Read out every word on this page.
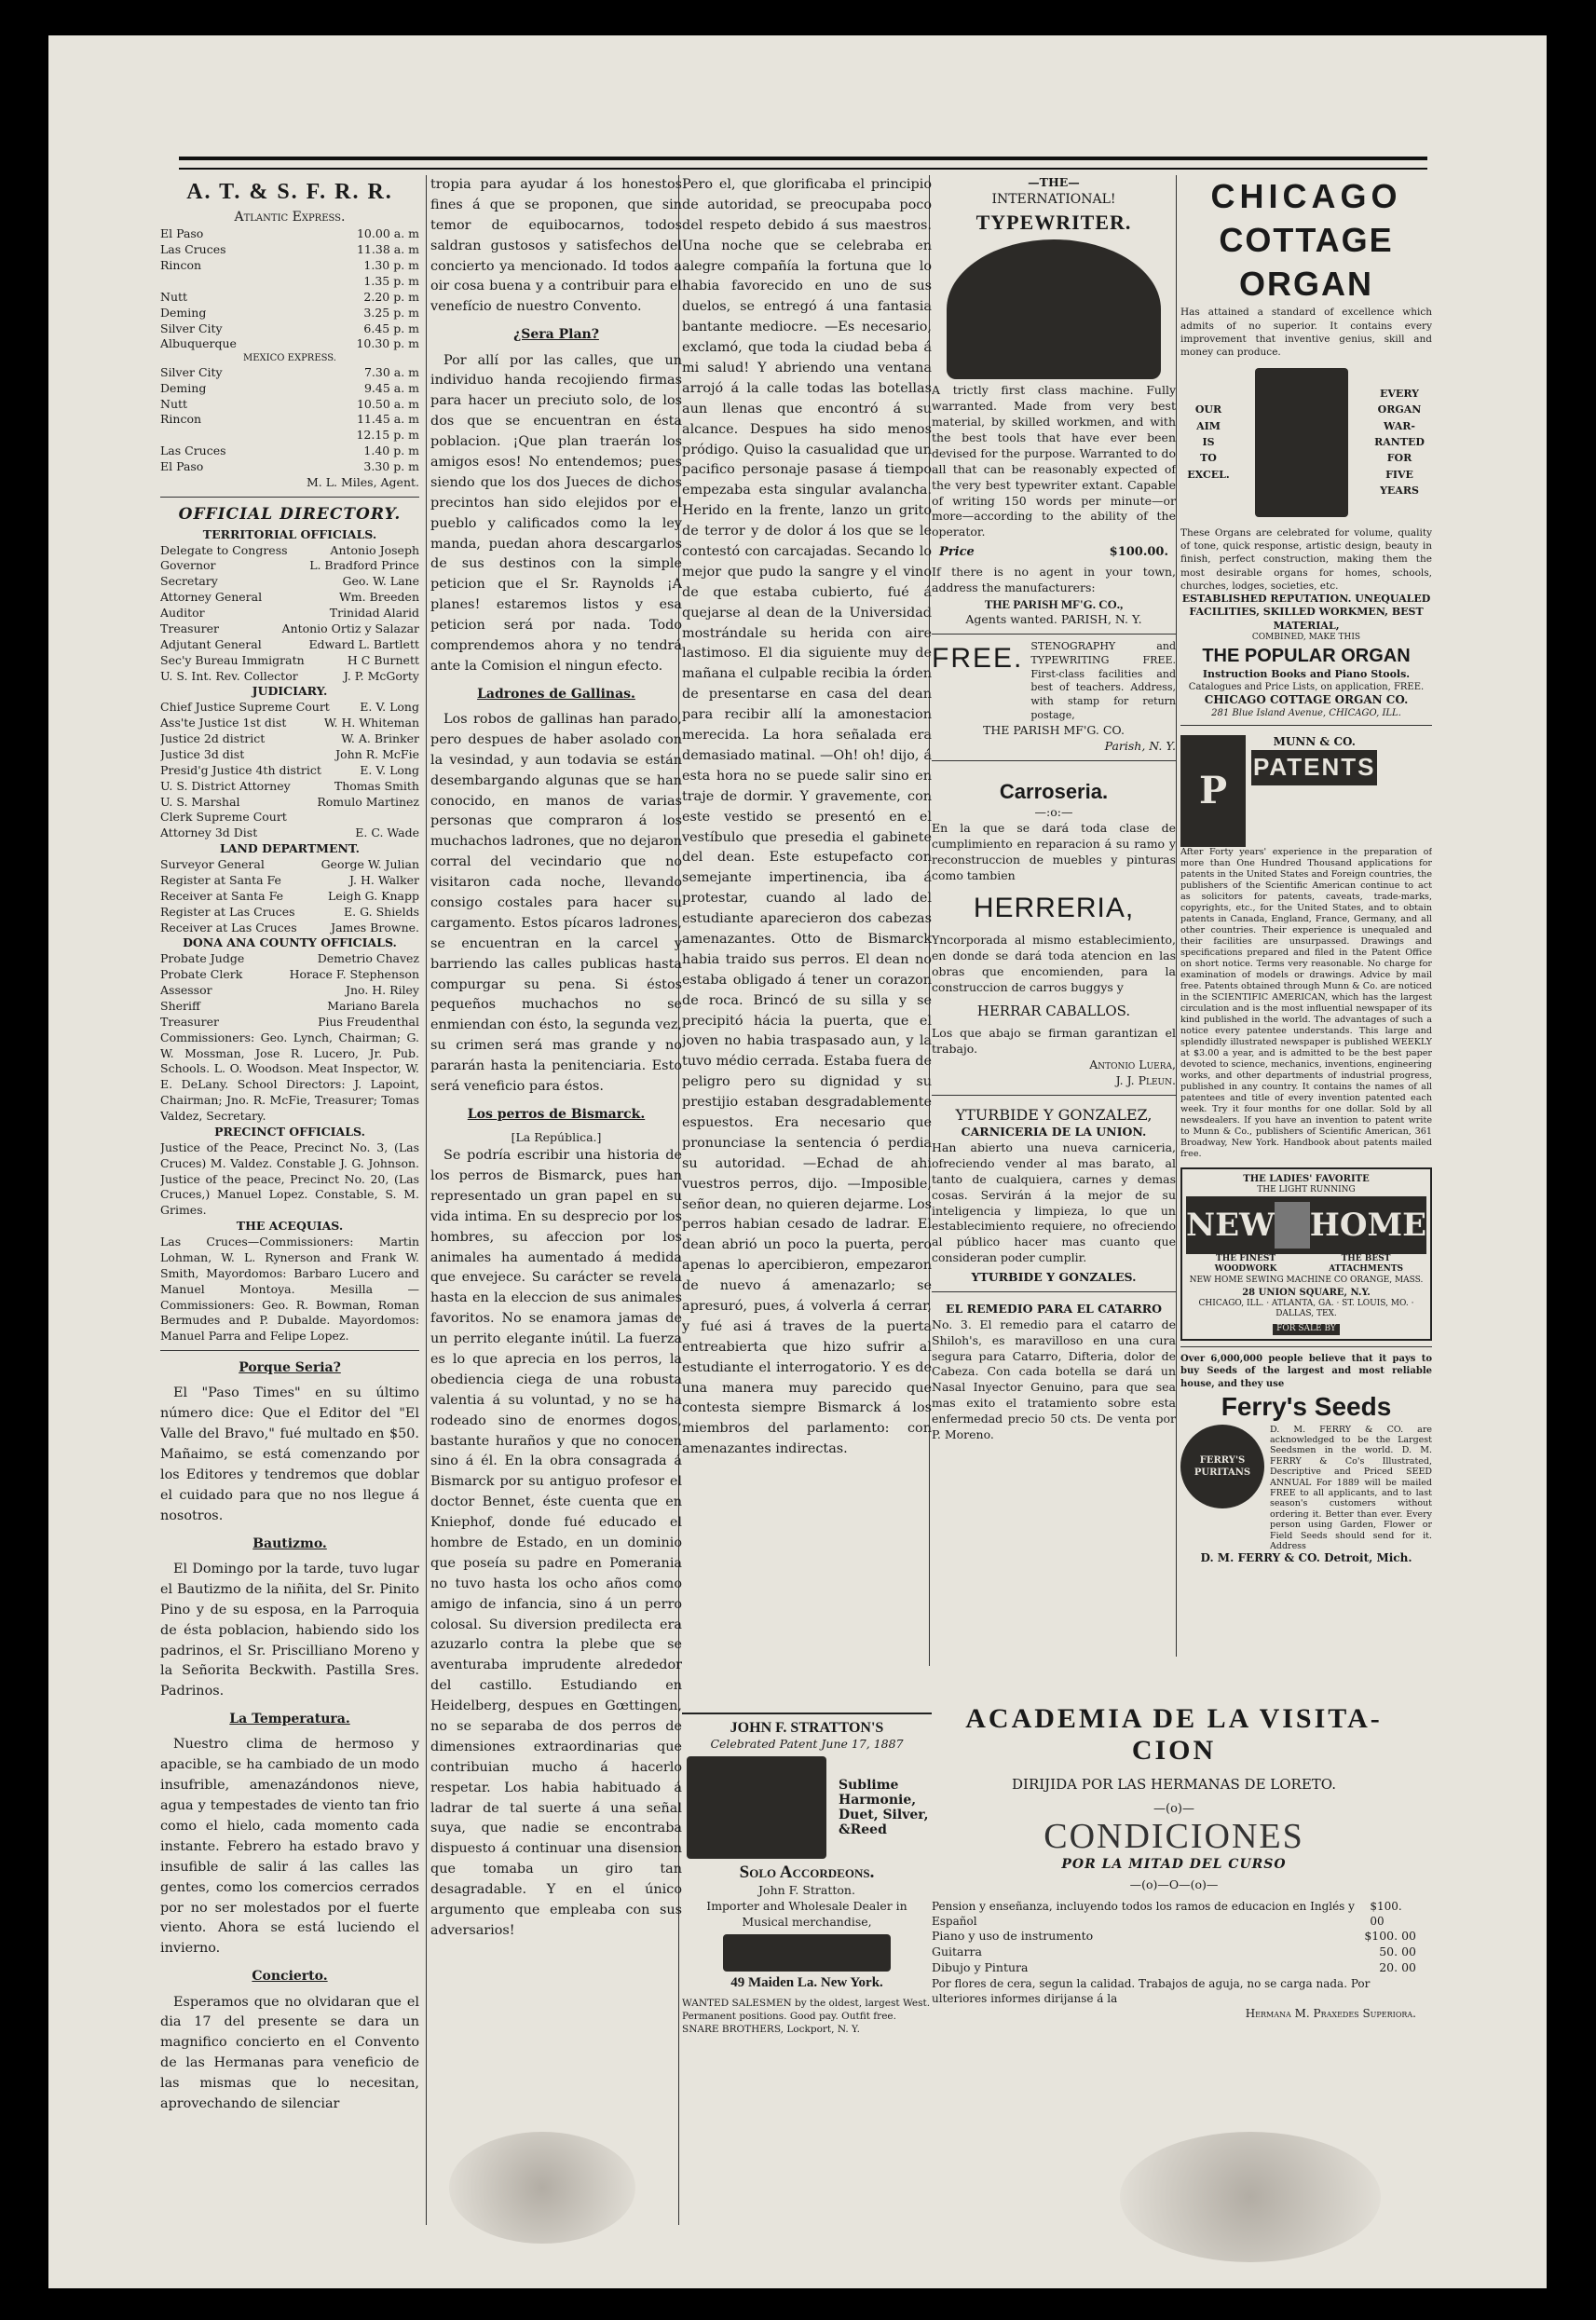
A. T. & S. F. R. R.
Atlantic Express.
El Paso	10.00 a. m
Las Cruces	11.38 a. m
Rincon	1.30 p. m
1.35 p. m
Nutt	2.20 p. m
Deming	3.25 p. m
Silver City	6.45 p. m
Albuquerque	10.30 p. m
MEXICO EXPRESS.
Silver City	7.30 a. m
Deming	9.45 a. m
Nutt	10.50 a. m
Rincon	11.45 a. m
12.15 p. m
Las Cruces	1.40 p. m
El Paso	3.30 p. m
M. L. Miles, Agent.
OFFICIAL DIRECTORY.
TERRITORIAL OFFICIALS.
Delegate to Congress	Antonio Joseph
Governor	L. Bradford Prince
Secretary	Geo. W. Lane
Attorney General	Wm. Breeden
Auditor	Trinidad Alarid
Treasurer	Antonio Ortiz y Salazar
Adjutant General	Edward L. Bartlett
Sec'y Bureau Immigratn	H C Burnett
U. S. Int. Rev. Collector	J. P. McGorty
JUDICIARY.
Chief Justice Supreme Court	E. V. Long
Ass'te Justice 1st dist	W. H. Whiteman
Justice 2d district	W. A. Brinker
Justice 3d dist	John R. McFie
Presid'g Justice 4th district	E. V. Long
U. S. District Attorney	Thomas Smith
U. S. Marshal	Romulo Martinez
Clerk Supreme Court
Attorney 3d Dist	E. C. Wade
LAND DEPARTMENT.
Surveyor General	George W. Julian
Register at Santa Fe	J. H. Walker
Receiver at Santa Fe	Leigh G. Knapp
Register at Las Cruces	E. G. Shields
Receiver at Las Cruces	James Browne.
DONA ANA COUNTY OFFICIALS.
Probate Judge	Demetrio Chavez
Probate Clerk	Horace F. Stephenson
Assessor	Jno. H. Riley
Sheriff	Mariano Barela
Treasurer	Pius Freudenthal
Commissioners: Geo. Lynch, Chairman; G. W. Mossman, Jose R. Lucero, Jr. Pub. Schools. L. O. Woodson. Meat Inspector, W. E. DeLany. School Directors: J. Lapoint, Chairman; Jno. R. McFie, Treasurer; Tomas Valdez, Secretary.
PRECINCT OFFICIALS.
Justice of the Peace, Precinct No. 3, (Las Cruces) M. Valdez. Constable J. G. Johnson. Justice of the peace, Precinct No. 20, (Las Cruces,) Manuel Lopez. Constable, S. M. Grimes.
THE ACEQUIAS.
Las Cruces—Commissioners: Martin Lohman, W. L. Rynerson and Frank W. Smith, Mayordomos: Barbaro Lucero and Manuel Montoya. Mesilla — Commissioners: Geo. R. Bowman, Roman Bermudes and P. Dubalde. Mayordomos: Manuel Parra and Felipe Lopez.
Porque Seria?

El "Paso Times" en su último número dice: Que el Editor del "El Valle del Bravo," fué multado en $50. Mañaimo, se está comenzando por los Editores y tendremos que doblar el cuidado para que no nos llegue á nosotros.

Bautizmo.

El Domingo por la tarde, tuvo lugar el Bautizmo de la niñita, del Sr. Pinito Pino y de su esposa, en la Parroquia de ésta poblacion, habiendo sido los padrinos, el Sr. Priscilliano Moreno y la Señorita Beckwith. Pastilla Sres. Padrinos.

La Temperatura.

Nuestro clima de hermoso y apacible, se ha cambiado de un modo insufrible, amenazándonos nieve, agua y tempestades de viento tan frio como el hielo, cada momento cada instante. Febrero ha estado bravo y insufible de salir á las calles las gentes, como los comercios cerrados por no ser molestados por el fuerte viento. Ahora se está luciendo el invierno.

Concierto.

Esperamos que no olvidaran que el dia 17 del presente se dara un magnifico concierto en el Convento de las Hermanas para veneficio de las mismas que lo necesitan, aprovechando de silenciar

tropia para ayudar á los honestos fines á que se proponen, que sin temor de equibocarnos, todos saldran gustosos y satisfechos del concierto ya mencionado. Id todos a oir cosa buena y a contribuir para el venefício de nuestro Convento.

¿Sera Plan?

Por allí por las calles, que un individuo handa recojiendo firmas para hacer un preciuto solo, de los dos que se encuentran en ésta poblacion. ¡Que plan traerán los amigos esos! No entendemos; pues siendo que los dos Jueces de dichos precintos han sido elejidos por el pueblo y calificados como la ley manda, puedan ahora descargarlos de sus destinos con la simple peticion que el Sr. Raynolds ¡A planes! estaremos listos y esa peticion será por nada. Todo comprendemos ahora y no tendrá ante la Comision el ningun efecto.

Ladrones de Gallinas.

Los robos de gallinas han parado, pero despues de haber asolado con la vesindad, y aun todavia se están desembargando algunas que se han conocido, en manos de varias personas que compraron á los muchachos ladrones, que no dejaron corral del vecindario que no visitaron cada noche, llevando consigo costales para hacer su cargamento. Estos pícaros ladrones, se encuentran en la carcel y barriendo las calles publicas hasta compurgar su pena. Si éstos pequeños muchachos no se enmiendan con ésto, la segunda vez, su crimen será mas grande y no pararán hasta la penitenciaria. Esto será veneficio para éstos.

Los perros de Bismarck.
[La República.]

Se podría escribir una historia de los perros de Bismarck, pues han representado un gran papel en su vida intima. En su desprecio por los hombres, su afeccion por los animales ha aumentado á medida que envejece. Su carácter se revela hasta en la eleccion de sus animales favoritos. No se enamora jamas de un perrito elegante inútil. La fuerza es lo que aprecia en los perros, la obediencia ciega de una robusta valentia á su voluntad, y no se ha rodeado sino de enormes dogos, bastante huraños y que no conocen sino á él. En la obra consagrada á Bismarck por su antiguo profesor el doctor Bennet, éste cuenta que en Kniephof, donde fué educado el hombre de Estado, en un dominio que poseía su padre en Pomerania no tuvo hasta los ocho años como amigo de infancia, sino á un perro colosal. Su diversion predilecta era azuzarlo contra la plebe que se aventuraba imprudente alrededor del castillo. Estudiando en Heidelberg, despues en Gœttingen, no se separaba de dos perros de dimensiones extraordinarias que contribuian mucho á hacerlo respetar. Los habia habituado á ladrar de tal suerte á una señal suya, que nadie se encontraba dispuesto á continuar una disension que tomaba un giro tan desagradable. Y en el único argumento que empleaba con sus adversarios!

Pero el, que glorificaba el principio de autoridad, se preocupaba poco del respeto debido á sus maestros. Una noche que se celebraba en alegre compañía la fortuna que lo habia favorecido en uno de sus duelos, se entregó á una fantasia bantante mediocre. —Es necesario, exclamó, que toda la ciudad beba á mi salud! Y abriendo una ventana arrojó á la calle todas las botellas aun llenas que encontró á su alcance. Despues ha sido menos pródigo. Quiso la casualidad que un pacifico personaje pasase á tiempo empezaba esta singular avalancha. Herido en la frente, lanzo un grito de terror y de dolor á los que se le contestó con carcajadas. Secando lo mejor que pudo la sangre y el vino de que estaba cubierto, fué á quejarse al dean de la Universidad mostrándale su herida con aire lastimoso. El dia siguiente muy de mañana el culpable recibia la órden de presentarse en casa del dean para recibir allí la amonestacion merecida. La hora señalada era demasiado matinal. —Oh! oh! dijo, á esta hora no se puede salir sino en traje de dormir. Y gravemente, con este vestido se presentó en el vestíbulo que presedia el gabinete del dean. Este estupefacto con semejante impertinencia, iba á protestar, cuando al lado del estudiante aparecieron dos cabezas amenazantes. Otto de Bismarck habia traido sus perros. El dean no estaba obligado á tener un corazon de roca. Brincó de su silla y se precipitó hácia la puerta, que el joven no habia traspasado aun, y la tuvo médio cerrada. Estaba fuera de peligro pero su dignidad y su prestijio estaban desgradablemente espuestos. Era necesario que pronunciase la sentencia ó perdia su autoridad. —Echad de ahi vuestros perros, dijo. —Imposible, señor dean, no quieren dejarme. Los perros habian cesado de ladrar. El dean abrió un poco la puerta, pero apenas lo apercibieron, empezaron de nuevo á amenazarlo; se apresuró, pues, á volverla á cerrar, y fué asi á traves de la puerta entreabierta que hizo sufrir al estudiante el interrogatorio. Y es de una manera muy parecido que contesta siempre Bismarck á los miembros del parlamento: con amenazantes indirectas.

JOHN F. STRATTON'S
Celebrated Patent June 17, 1887
Sublime Harmonie, Duet, Silver, &Reed
Solo Accordeons.
John F. Stratton.
Importer and Wholesale Dealer in Musical merchandise,
49 Maiden La. New York.
WANTED SALESMEN by the oldest, largest West. Permanent positions. Good pay. Outfit free. SNARE BROTHERS, Lockport, N. Y.
—THE—
INTERNATIONAL!
TYPEWRITER.
A trictly first class machine. Fully warranted. Made from very best material, by skilled workmen, and with the best tools that have ever been devised for the purpose. Warranted to do all that can be reasonably expected of the very best typewriter extant. Capable of writing 150 words per minute—or more—according to the ability of the operator.
Price	$100.00.
If there is no agent in your town, address the manufacturers:
THE PARISH MF'G. CO.,
Agents wanted. PARISH, N. Y.
FREE. STENOGRAPHY and TYPEWRITING FREE. First-class facilities and best of teachers. Address, with stamp for return postage,
THE PARISH MF'G. CO.
Parish, N. Y.
Carroseria.
—:o:—
En la que se dará toda clase de cumplimiento en reparacion á su ramo y reconstruccion de muebles y pinturas como tambien
HERRERIA,
Yncorporada al mismo establecimiento, en donde se dará toda atencion en las obras que encomienden, para la construccion de carros buggys y
HERRAR CABALLOS.
Los que abajo se firman garantizan el trabajo.
Antonio Luera,
J. J. Pleun.
YTURBIDE Y GONZALEZ,
CARNICERIA DE LA UNION.
Han abierto una nueva carniceria, ofreciendo vender al mas barato, al tanto de cualquiera, carnes y demas cosas. Servirán á la mejor de su inteligencia y limpieza, lo que un establecimiento requiere, no ofreciendo al público hacer mas cuanto que consideran poder cumplir.
YTURBIDE Y GONZALES.
EL REMEDIO PARA EL CATARRO
No. 3. El remedio para el catarro de Shiloh's, es maravilloso en una cura segura para Catarro, Difteria, dolor de Cabeza. Con cada botella se dará un Nasal Inyector Genuino, para que sea mas exito el tratamiento sobre esta enfermedad precio 50 cts. De venta por P. Moreno.
CHICAGO
COTTAGE
ORGAN
Has attained a standard of excellence which admits of no superior. It contains every improvement that inventive genius, skill and money can produce.
OUR
AIM
IS
TO
EXCEL.
EVERY
ORGAN
WAR-
RANTED
FOR
FIVE
YEARS
These Organs are celebrated for volume, quality of tone, quick response, artistic design, beauty in finish, perfect construction, making them the most desirable organs for homes, schools, churches, lodges, societies, etc.
ESTABLISHED REPUTATION. UNEQUALED FACILITIES, SKILLED WORKMEN, BEST MATERIAL,
COMBINED, MAKE THIS
THE POPULAR ORGAN
Instruction Books and Piano Stools.
Catalogues and Price Lists, on application, FREE.
CHICAGO COTTAGE ORGAN CO.
281 Blue Island Avenue, CHICAGO, ILL.
P
MUNN & CO.
PATENTS
After Forty years' experience in the preparation of more than One Hundred Thousand applications for patents in the United States and Foreign countries, the publishers of the Scientific American continue to act as solicitors for patents, caveats, trade-marks, copyrights, etc., for the United States, and to obtain patents in Canada, England, France, Germany, and all other countries. Their experience is unequaled and their facilities are unsurpassed. Drawings and specifications prepared and filed in the Patent Office on short notice. Terms very reasonable. No charge for examination of models or drawings. Advice by mail free. Patents obtained through Munn & Co. are noticed in the SCIENTIFIC AMERICAN, which has the largest circulation and is the most influential newspaper of its kind published in the world. The advantages of such a notice every patentee understands. This large and splendidly illustrated newspaper is published WEEKLY at $3.00 a year, and is admitted to be the best paper devoted to science, mechanics, inventions, engineering works, and other departments of industrial progress, published in any country. It contains the names of all patentees and title of every invention patented each week. Try it four months for one dollar. Sold by all newsdealers. If you have an invention to patent write to Munn & Co., publishers of Scientific American, 361 Broadway, New York. Handbook about patents mailed free.
THE LADIES' FAVORITE
THE LIGHT RUNNING
NEW HOME
THE FINEST WOODWORK
THE BEST ATTACHMENTS
NEW HOME SEWING MACHINE CO ORANGE, MASS.
28 UNION SQUARE, N.Y.
CHICAGO, ILL. · ATLANTA, GA. · ST. LOUIS, MO. · DALLAS, TEX.
FOR SALE BY
Over 6,000,000 people believe that it pays to buy Seeds of the largest and most reliable house, and they use
Ferry's Seeds
FERRY'S PURITANS
D. M. FERRY & CO. are acknowledged to be the Largest Seedsmen in the world. D. M. FERRY & Co's Illustrated, Descriptive and Priced SEED ANNUAL For 1889 will be mailed FREE to all applicants, and to last season's customers without ordering it. Better than ever. Every person using Garden, Flower or Field Seeds should send for it. Address
D. M. FERRY & CO. Detroit, Mich.
ACADEMIA DE LA VISITA-
CION
DIRIJIDA POR LAS HERMANAS DE LORETO.
—(o)—
CONDICIONES
POR LA MITAD DEL CURSO
—(o)—O—(o)—
Pension y enseñanza, incluyendo todos los ramos de educacion en Inglés y Español
$100. 00
Piano y uso de instrumento	$100. 00
Guitarra	50. 00
Dibujo y Pintura	20. 00
Por flores de cera, segun la calidad. Trabajos de aguja, no se carga nada. Por ulteriores informes dirijanse á la
Hermana M. Praxedes Superiora.
